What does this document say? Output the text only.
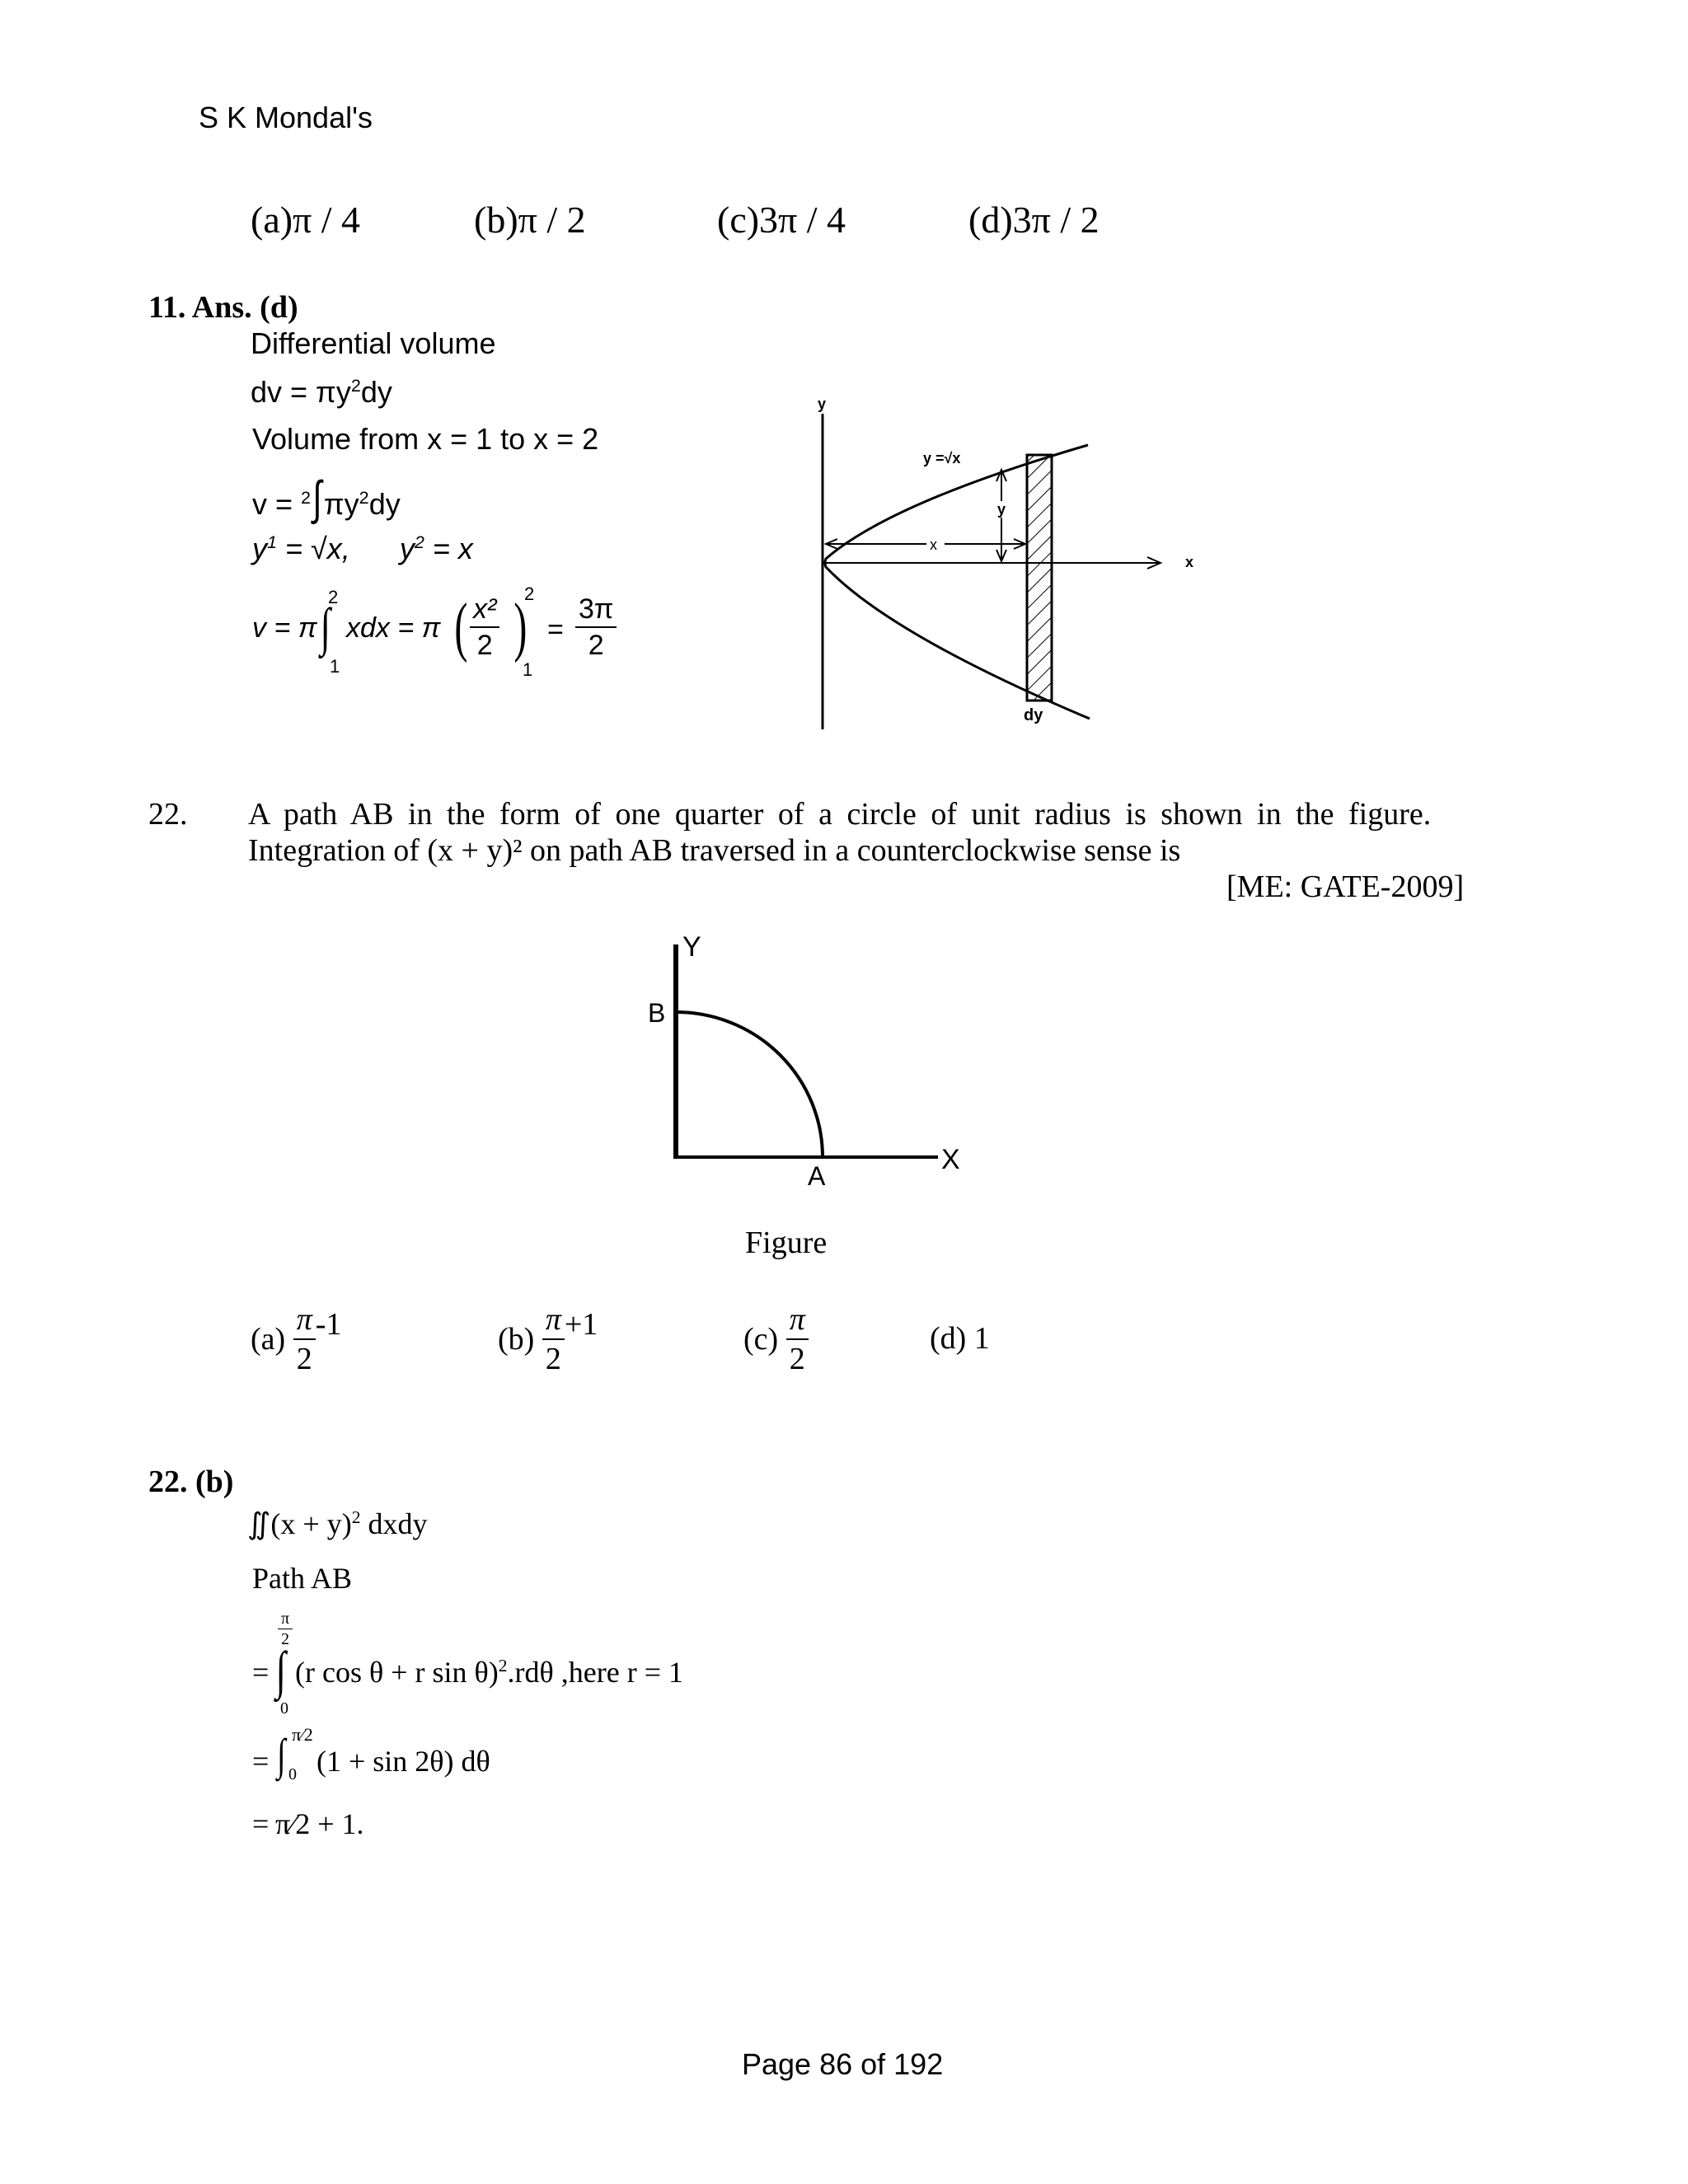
S K Mondal's
(a)π / 4	(b)π / 2	(c)3π / 4	(d)3π / 2
11. Ans. (d)
Differential volume
dv = $\pi y^2dy$
Volume from x = 1 to x = 2
$v = ^2\int\pi y^2dy$
$y^1 = √x$, $y^2 = x$
v = π
2
∫
1
xdx = π ( $\frac{\text{x²}}{2}$ )
2
1
= $\frac{3\pi}{2}$
y
x
y =√x
x
y
dy
22. A path AB in the form of one quarter of a circle of unit radius is shown in the figure.
Integration of (x + y)² on path AB traversed in a counterclockwise sense is
[ME: GATE-2009]
Y
B
X
A
Figure
$(a) \frac{\pi}{2} -1$	$(b) \frac{\pi}{2} +1$	$(c) \frac{\pi}{2}$	(d) 1
22. (b)
∬(x + y)$^2$ dxdy
Path AB
$\frac{\pi}{2}$
= ∫
0
(r cos θ + r sin θ)$^2$.rdθ ,here r = 1
= ∫ π⁄2
0 (1 + sin 2θ) dθ
= π⁄2 + 1.
Page 86 of 192
